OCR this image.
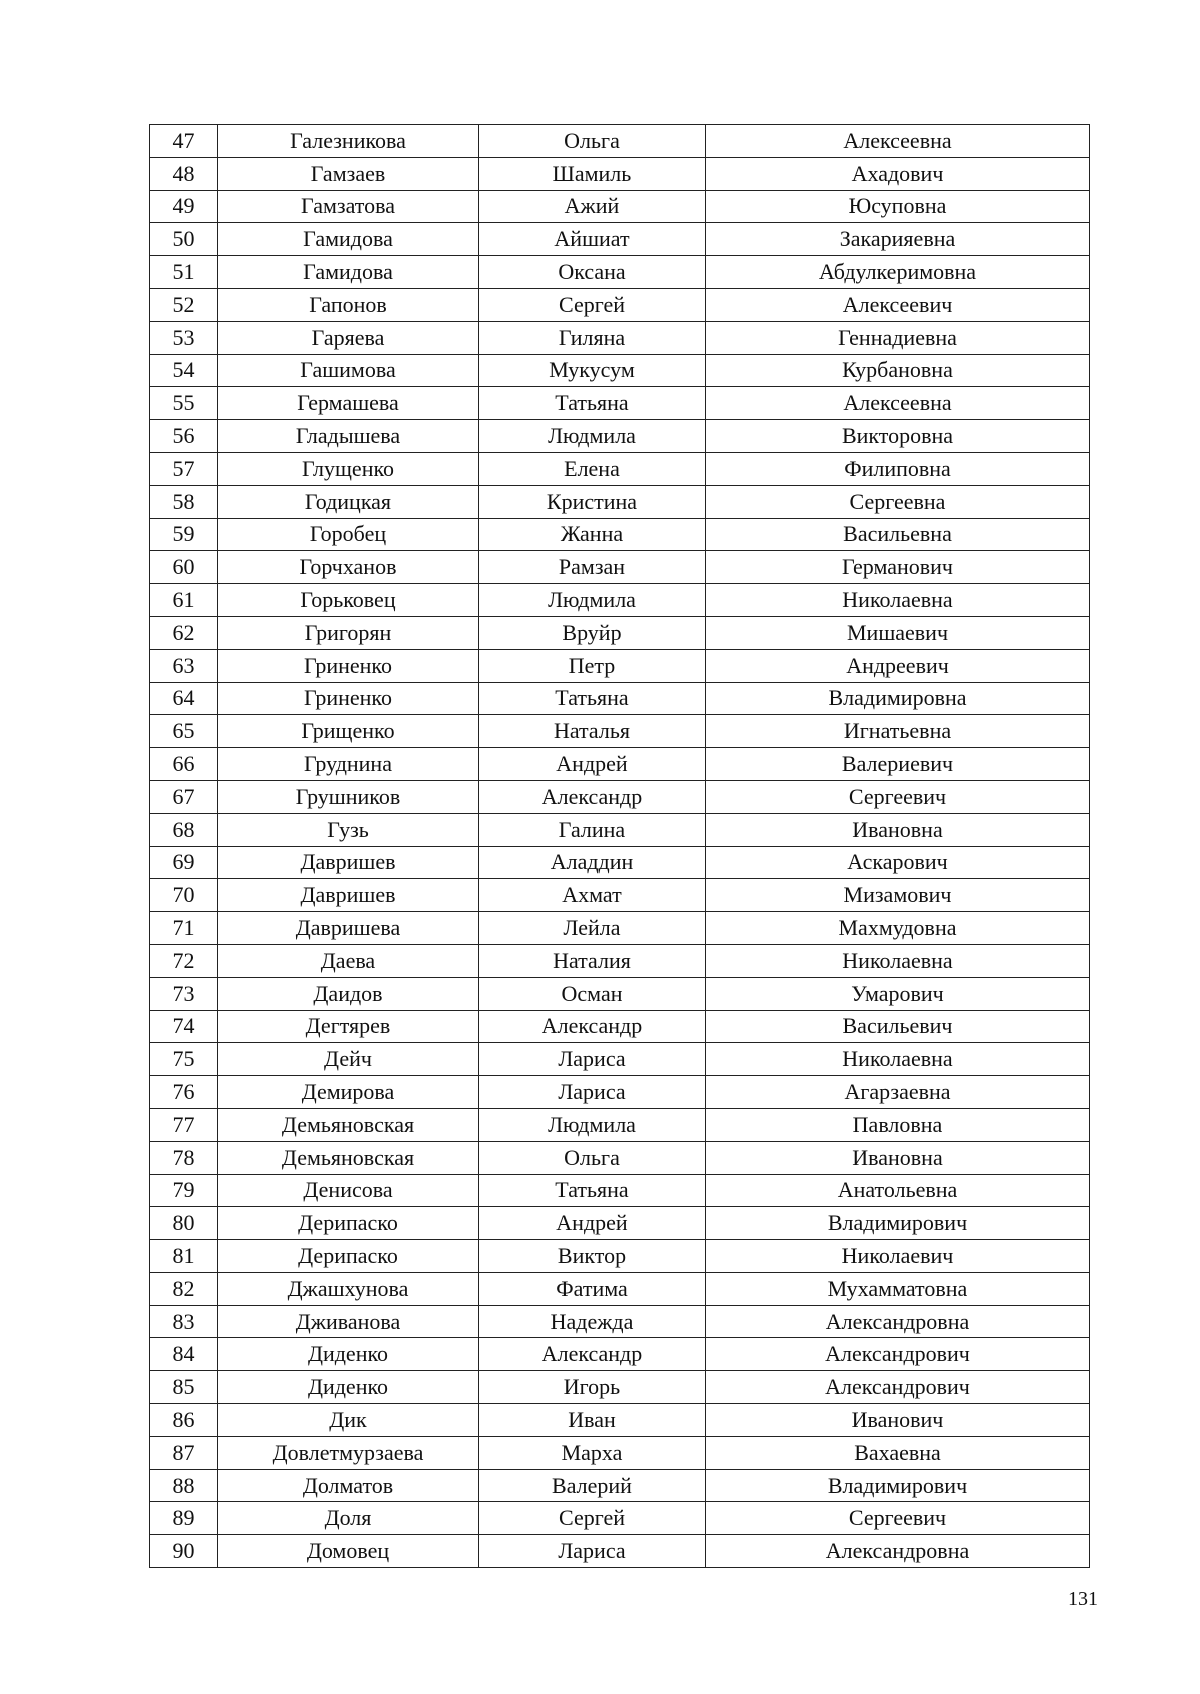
47	Галезникова	Ольга	Алексеевна
48	Гамзаев	Шамиль	Ахадович
49	Гамзатова	Ажий	Юсуповна
50	Гамидова	Айшиат	Закарияевна
51	Гамидова	Оксана	Абдулкеримовна
52	Гапонов	Сергей	Алексеевич
53	Гаряева	Гиляна	Геннадиевна
54	Гашимова	Мукусум	Курбановна
55	Гермашева	Татьяна	Алексеевна
56	Гладышева	Людмила	Викторовна
57	Глущенко	Елена	Филиповна
58	Годицкая	Кристина	Сергеевна
59	Горобец	Жанна	Васильевна
60	Горчханов	Рамзан	Германович
61	Горьковец	Людмила	Николаевна
62	Григорян	Вруйр	Мишаевич
63	Гриненко	Петр	Андреевич
64	Гриненко	Татьяна	Владимировна
65	Грищенко	Наталья	Игнатьевна
66	Груднина	Андрей	Валериевич
67	Грушников	Александр	Сергеевич
68	Гузь	Галина	Ивановна
69	Давришев	Аладдин	Аскарович
70	Давришев	Ахмат	Мизамович
71	Давришева	Лейла	Махмудовна
72	Даева	Наталия	Николаевна
73	Даидов	Осман	Умарович
74	Дегтярев	Александр	Васильевич
75	Дейч	Лариса	Николаевна
76	Демирова	Лариса	Агарзаевна
77	Демьяновская	Людмила	Павловна
78	Демьяновская	Ольга	Ивановна
79	Денисова	Татьяна	Анатольевна
80	Дерипаско	Андрей	Владимирович
81	Дерипаско	Виктор	Николаевич
82	Джашхунова	Фатима	Мухамматовна
83	Дживанова	Надежда	Александровна
84	Диденко	Александр	Александрович
85	Диденко	Игорь	Александрович
86	Дик	Иван	Иванович
87	Довлетмурзаева	Марха	Вахаевна
88	Долматов	Валерий	Владимирович
89	Доля	Сергей	Сергеевич
90	Домовец	Лариса	Александровна
131
